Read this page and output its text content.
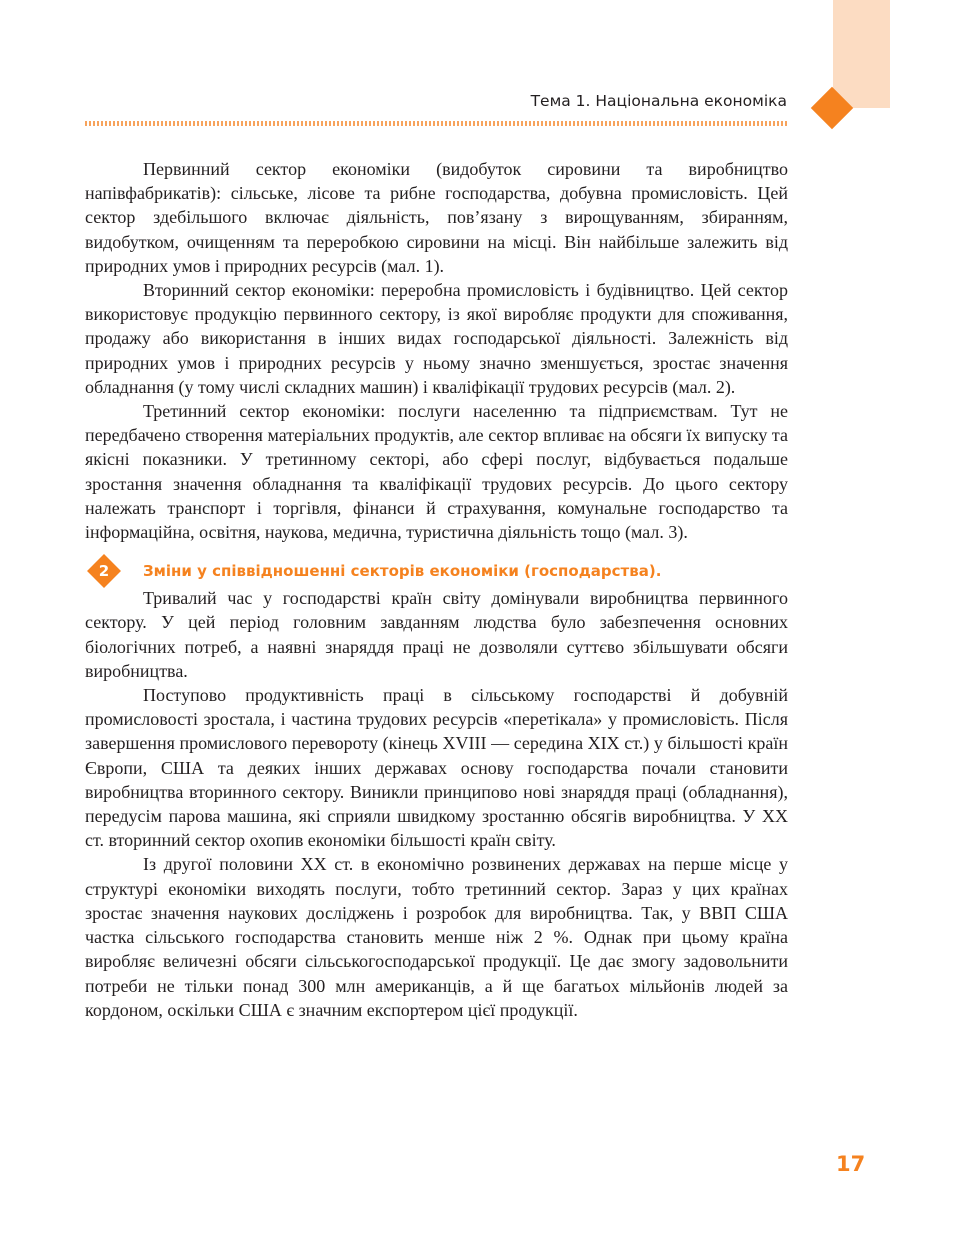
Тема 1. Національна економіка

Первинний сектор економіки (видобуток сировини та виробництво напівфабрикатів): сільське, лісове та рибне господарства, добувна промисловість. Цей сектор здебільшого включає діяльність, пов’язану з вирощуванням, збиранням, видобутком, очищенням та переробкою сировини на місці. Він найбільше залежить від природних умов і природних ресурсів (мал. 1).

Вторинний сектор економіки: переробна промисловість і будівництво. Цей сектор використовує продукцію первинного сектору, із якої виробляє продукти для споживання, продажу або використання в інших видах господарської діяльності. Залежність від природних умов і природних ресурсів у ньому значно зменшується, зростає значення обладнання (у тому числі складних машин) і кваліфікації трудових ресурсів (мал. 2).

Третинний сектор економіки: послуги населенню та підприємствам. Тут не передбачено створення матеріальних продуктів, але сектор впливає на обсяги їх випуску та якісні показники. У третинному секторі, або сфері послуг, відбувається подальше зростання значення обладнання та кваліфікації трудових ресурсів. До цього сектору належать транспорт і торгівля, фінанси й страхування, комунальне господарство та інформаційна, освітня, наукова, медична, туристична діяльність тощо (мал. 3).

2	Зміни у співвідношенні секторів економіки (господарства).

Тривалий час у господарстві країн світу домінували виробництва первинного сектору. У цей період головним завданням людства було забезпечення основних біологічних потреб, а наявні знаряддя праці не дозволяли суттєво збільшувати обсяги виробництва.

Поступово продуктивність праці в сільському господарстві й добувній промисловості зростала, і частина трудових ресурсів «перетікала» у промисловість. Після завершення промислового перевороту (кінець XVIII — середина XIX ст.) у більшості країн Європи, США та деяких інших державах основу господарства почали становити виробництва вторинного сектору. Виникли принципово нові знаряддя праці (обладнання), передусім парова машина, які сприяли швидкому зростанню обсягів виробництва. У XX ст. вторинний сектор охопив економіки більшості країн світу.

Із другої половини XX ст. в економічно розвинених державах на перше місце у структурі економіки виходять послуги, тобто третинний сектор. Зараз у цих країнах зростає значення наукових досліджень і розробок для виробництва. Так, у ВВП США частка сільського господарства становить менше ніж 2 %. Однак при цьому країна виробляє величезні обсяги сільськогосподарської продукції. Це дає змогу задовольнити потреби не тільки понад 300 млн американців, а й ще багатьох мільйонів людей за кордоном, оскільки США є значним експортером цієї продукції.

17
